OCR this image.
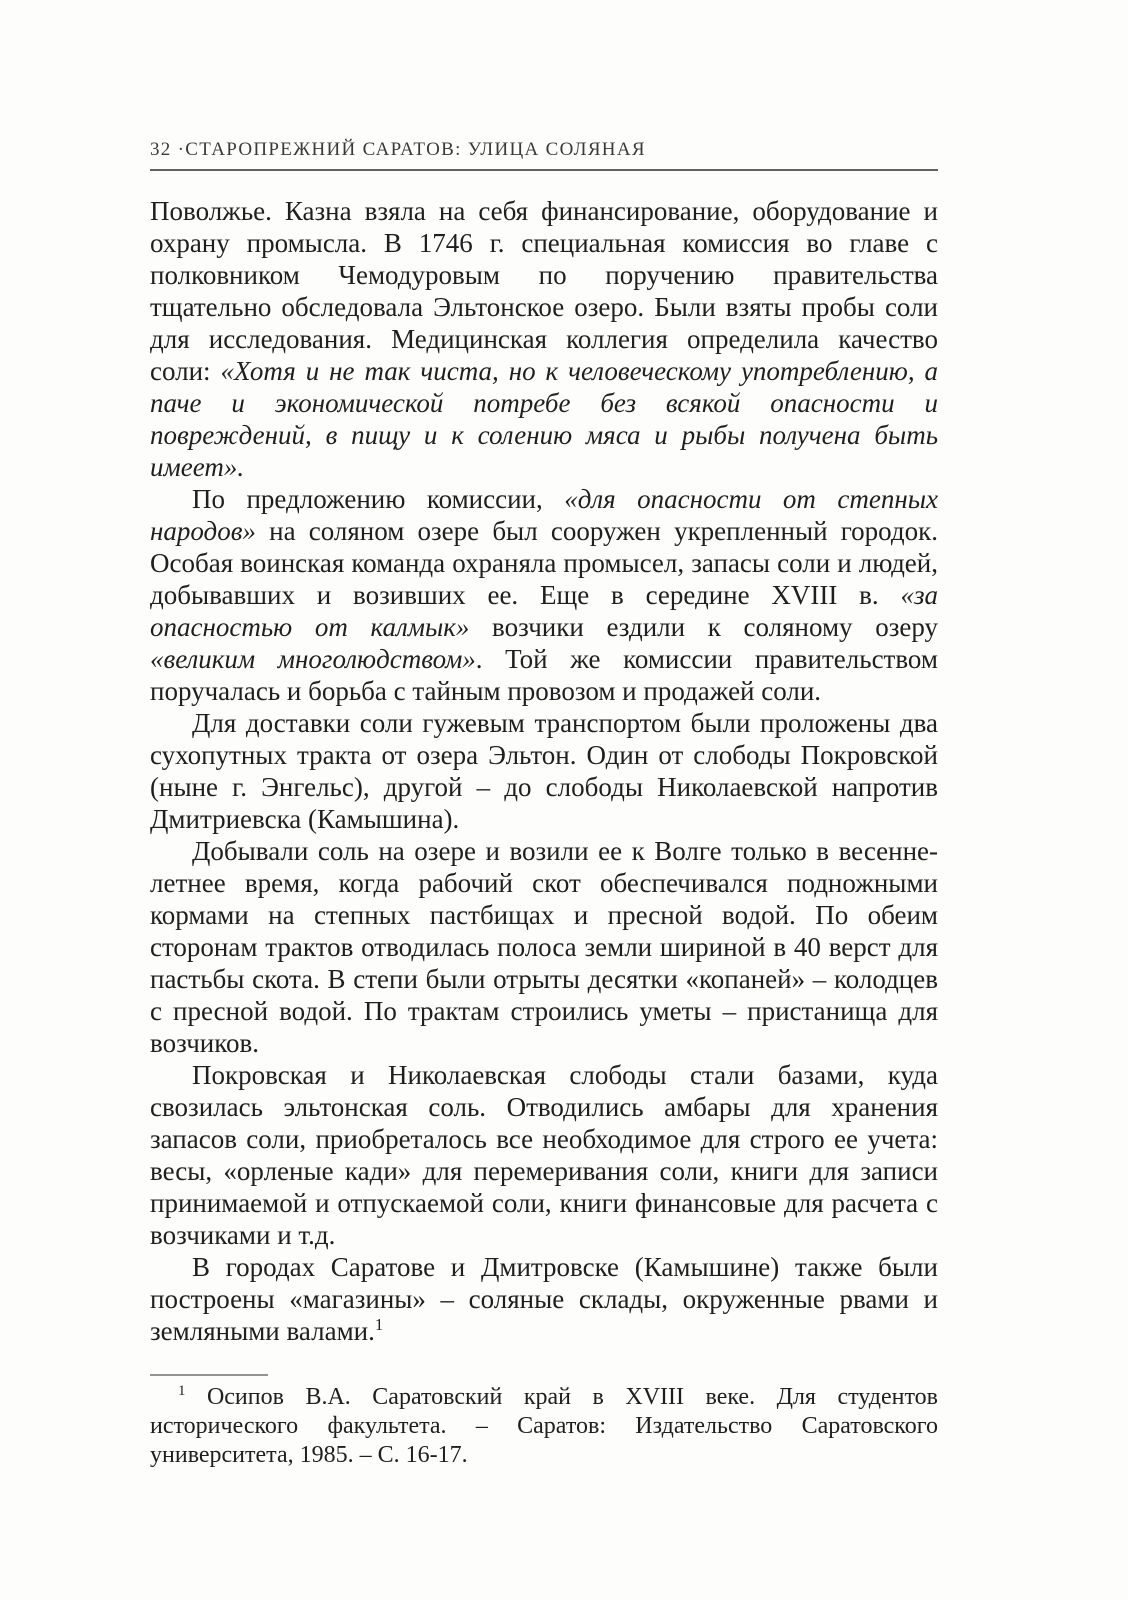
32 ·СТАРОПРЕЖНИЙ САРАТОВ: УЛИЦА СОЛЯНАЯ

Поволжье. Казна взяла на себя финансирование, оборудование и охрану промысла. В 1746 г. специальная комиссия во главе с полковником Чемодуровым по поручению правительства тщательно обследовала Эльтонское озеро. Были взяты пробы соли для исследования. Медицинская коллегия определила качество соли: «Хотя и не так чиста, но к человеческому употреблению, а паче и экономической потребе без всякой опасности и повреждений, в пищу и к солению мяса и рыбы получена быть имеет».

По предложению комиссии, «для опасности от степных народов» на соляном озере был сооружен укрепленный городок. Особая воинская команда охраняла промысел, запасы соли и людей, добывавших и возивших ее. Еще в середине XVIII в. «за опасностью от калмык» возчики ездили к соляному озеру «великим многолюдством». Той же комиссии правительством поручалась и борьба с тайным провозом и продажей соли.

Для доставки соли гужевым транспортом были проложены два сухопутных тракта от озера Эльтон. Один от слободы Покровской (ныне г. Энгельс), другой – до слободы Николаевской напротив Дмитриевска (Камышина).

Добывали соль на озере и возили ее к Волге только в весенне-летнее время, когда рабочий скот обеспечивался подножными кормами на степных пастбищах и пресной водой. По обеим сторонам трактов отводилась полоса земли шириной в 40 верст для пастьбы скота. В степи были отрыты десятки «копаней» – колодцев с пресной водой. По трактам строились уметы – пристанища для возчиков.

Покровская и Николаевская слободы стали базами, куда свозилась эльтонская соль. Отводились амбары для хранения запасов соли, приобреталось все необходимое для строго ее учета: весы, «орленые кади» для перемеривания соли, книги для записи принимаемой и отпускаемой соли, книги финансовые для расчета с возчиками и т.д.

В городах Саратове и Дмитровске (Камышине) также были построены «магазины» – соляные склады, окруженные рвами и земляными валами.$^1$

$^1$ Осипов В.А. Саратовский край в XVIII веке. Для студентов исторического факультета. – Саратов: Издательство Саратовского университета, 1985. – С. 16-17.
